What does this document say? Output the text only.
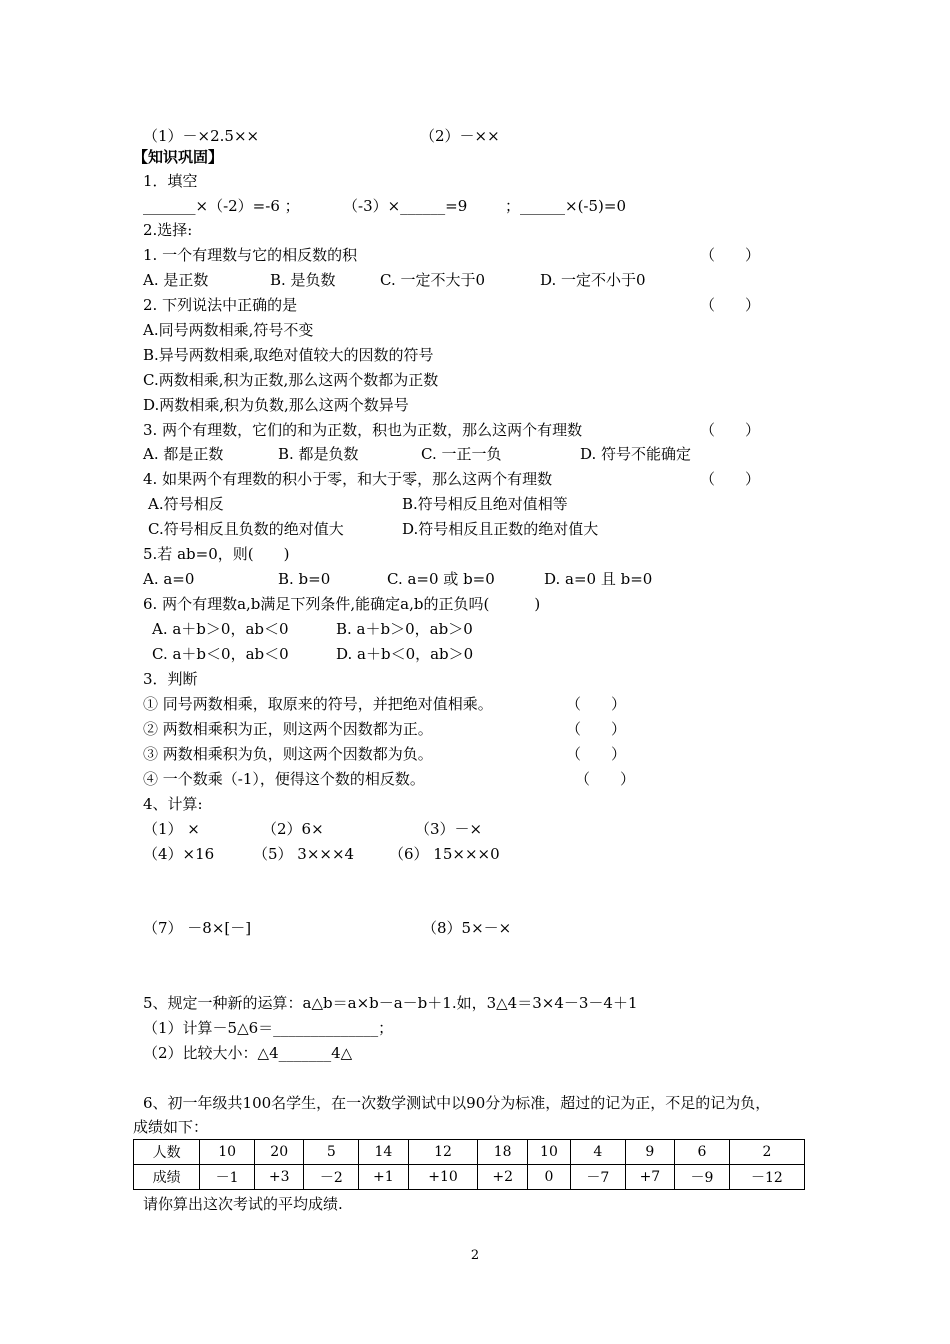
（1）－×2.5××	（2）－××
【知识巩固】
1．填空
_______×（-2）=-6 ；	（-3）×______=9	；______×(-5)=0
2.选择:
1. 一个有理数与它的相反数的积	（　　）
A. 是正数	B. 是负数	C. 一定不大于0	D. 一定不小于0
2. 下列说法中正确的是	（　　）
A.同号两数相乘,符号不变
B.异号两数相乘,取绝对值较大的因数的符号
C.两数相乘,积为正数,那么这两个数都为正数
D.两数相乘,积为负数,那么这两个数异号
3. 两个有理数，它们的和为正数，积也为正数，那么这两个有理数	（　　）
A. 都是正数	B. 都是负数	C. 一正一负	D. 符号不能确定
4. 如果两个有理数的积小于零，和大于零，那么这两个有理数	（　　）
A.符号相反	B.符号相反且绝对值相等
C.符号相反且负数的绝对值大	D.符号相反且正数的绝对值大
5.若 ab=0，则(　　)
A. a=0	B. b=0	C. a=0 或 b=0	D. a=0 且 b=0
6. 两个有理数a,b满足下列条件,能确定a,b的正负吗(　　　)
A. a＋b＞0，ab＜0	B. a＋b＞0，ab＞0
C. a＋b＜0，ab＜0	D. a＋b＜0，ab＞0
3．判断
① 同号两数相乘，取原来的符号，并把绝对值相乘。	（　　）
② 两数相乘积为正，则这两个因数都为正。	（　　）
③ 两数相乘积为负，则这两个因数都为负。	（　　）
④ 一个数乘（-1），便得这个数的相反数。	（　　）
4、计算:
（1） ×	（2）6×	（3）－×
（4）×16	（5） 3×××4 （6） 15×××0
（7） －8×[－]	（8）5×－×
5、规定一种新的运算：a△b＝a×b－a－b＋1.如，3△4＝3×4－3－4＋1
（1）计算－5△6＝______________；
（2）比较大小：△4_______4△
6、初一年级共100名学生，在一次数学测试中以90分为标准，超过的记为正，不足的记为负，
成绩如下：
人数	10	20	5	14	12	18	10	4	9	6	2
成绩	－1	+3	－2	+1	+10	+2	0	－7	+7	－9	－12
请你算出这次考试的平均成绩.
2
